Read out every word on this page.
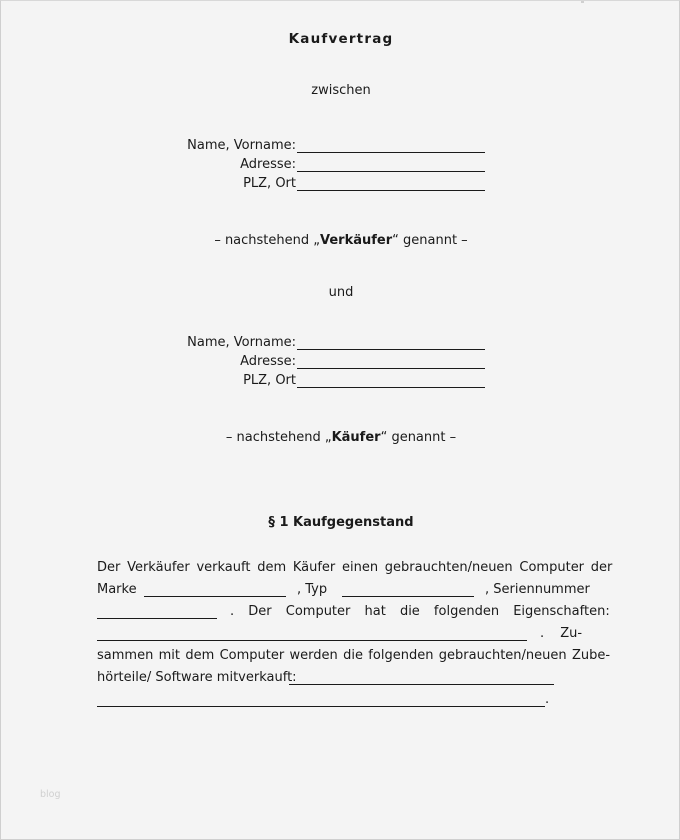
Kaufvertrag
zwischen
Name, Vorname:
Adresse:
PLZ, Ort
– nachstehend „Verkäufer“ genannt –
und
Name, Vorname:
Adresse:
PLZ, Ort
– nachstehend „Käufer“ genannt –
§ 1 Kaufgegenstand
Der Verkäufer verkauft dem Käufer einen gebrauchten/neuen Computer der
Marke	, Typ	, Seriennummer
. Der Computer hat die folgenden Eigenschaften:
. Zu-
sammen mit dem Computer werden die folgenden gebrauchten/neuen Zube-
hörteile/ Software mitverkauft:
.
blog
